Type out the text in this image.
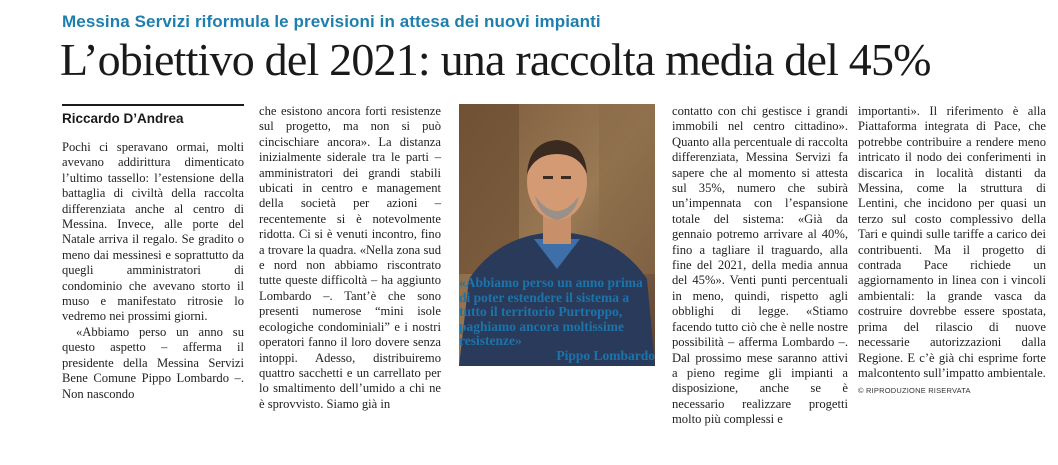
Messina Servizi riformula le previsioni in attesa dei nuovi impianti
L’obiettivo del 2021: una raccolta media del 45%
Riccardo D’Andrea

Pochi ci speravano ormai, molti avevano addirittura dimenticato l’ultimo tassello: l’estensione della battaglia di civiltà della raccolta differenziata anche al centro di Messina. Invece, alle porte del Natale arriva il regalo. Se gradito o meno dai messinesi e soprattutto da quegli amministratori di condominio che avevano storto il muso e manifestato ritrosie lo vedremo nei prossimi giorni.

«Abbiamo perso un anno su questo aspetto – afferma il presidente della Messina Servizi Bene Comune Pippo Lombardo –. Non nascondo

che esistono ancora forti resistenze sul progetto, ma non si può cincischiare ancora». La distanza inizialmente siderale tra le parti – amministratori dei grandi stabili ubicati in centro e management della società per azioni – recentemente si è notevolmente ridotta. Ci si è venuti incontro, fino a trovare la quadra. «Nella zona sud e nord non abbiamo riscontrato tutte queste difficoltà – ha aggiunto Lombardo –. Tant’è che sono presenti numerose “mini isole ecologiche condominiali” e i nostri operatori fanno il loro dovere senza intoppi. Adesso, distribuiremo quattro sacchetti e un carrellato per lo smaltimento dell’umido a chi ne è sprovvisto. Siamo già in

«Abbiamo perso un anno prima di poter estendere il sistema a tutto il territorio Purtroppo, paghiamo ancora moltissime resistenze»
Pippo Lombardo

contatto con chi gestisce i grandi immobili nel centro cittadino». Quanto alla percentuale di raccolta differenziata, Messina Servizi fa sapere che al momento si attesta sul 35%, numero che subirà un’impennata con l’espansione totale del sistema: «Già da gennaio potremo arrivare al 40%, fino a tagliare il traguardo, alla fine del 2021, della media annua del 45%». Venti punti percentuali in meno, quindi, rispetto agli obblighi di legge. «Stiamo facendo tutto ciò che è nelle nostre possibilità – afferma Lombardo –. Dal prossimo mese saranno attivi a pieno regime gli impianti a disposizione, anche se è necessario realizzare progetti molto più complessi e

importanti». Il riferimento è alla Piattaforma integrata di Pace, che potrebbe contribuire a rendere meno intricato il nodo dei conferimenti in discarica in località distanti da Messina, come la struttura di Lentini, che incidono per quasi un terzo sul costo complessivo della Tari e quindi sulle tariffe a carico dei contribuenti. Ma il progetto di contrada Pace richiede un aggiornamento in linea con i vincoli ambientali: la grande vasca da costruire dovrebbe essere spostata, prima del rilascio di nuove necessarie autorizzazioni dalla Regione. E c’è già chi esprime forte malcontento sull’impatto ambientale.

© RIPRODUZIONE RISERVATA
